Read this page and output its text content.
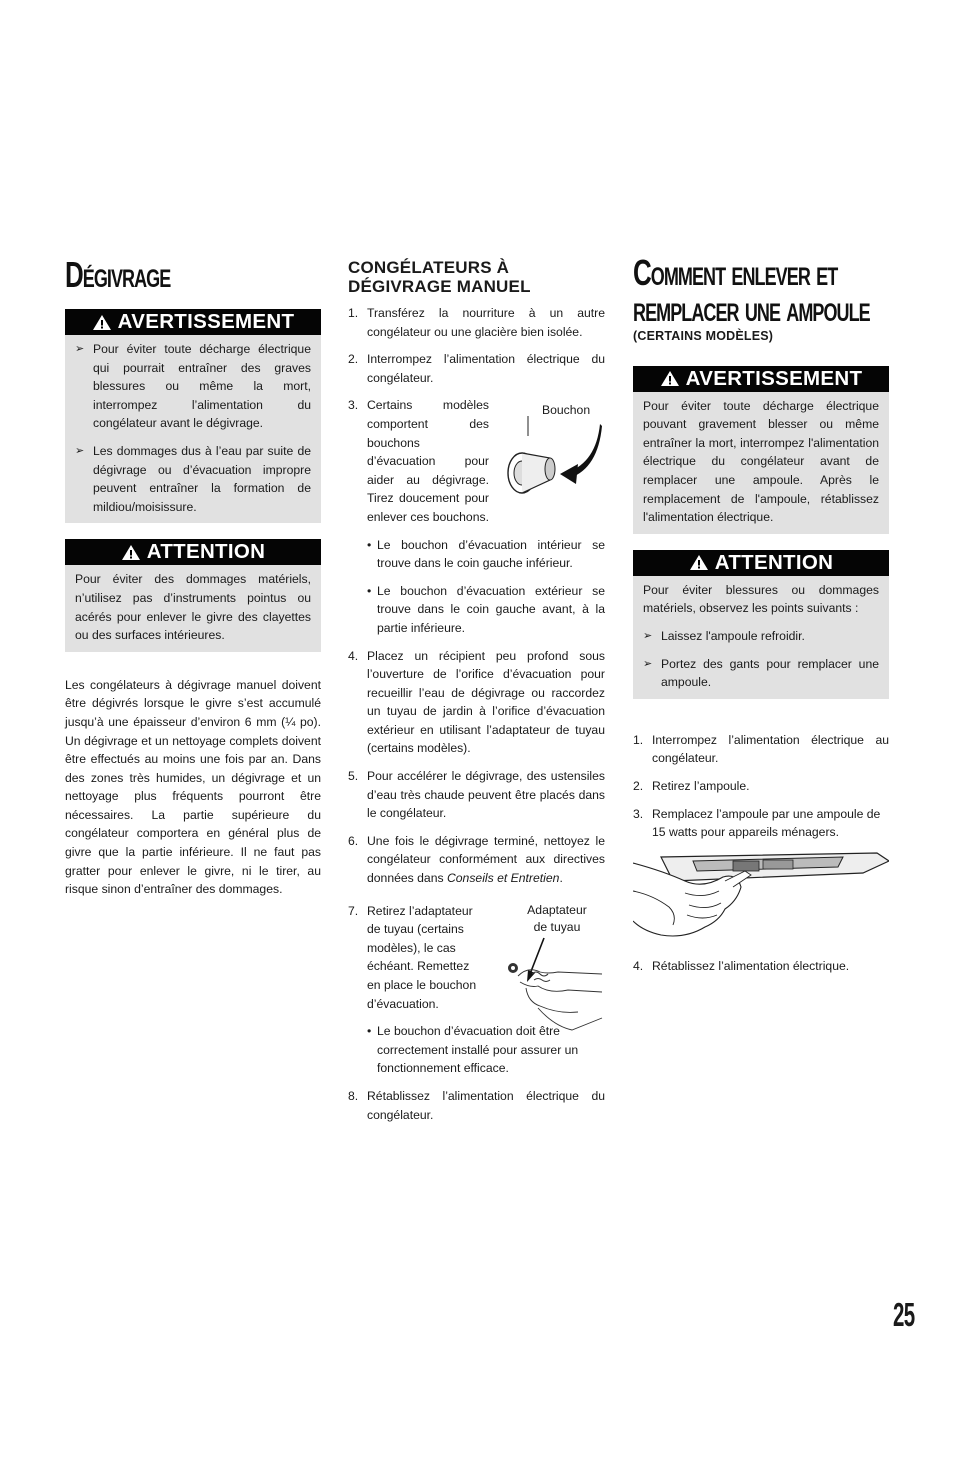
Dégivrage
AVERTISSEMENT
➢ Pour éviter toute décharge électrique qui pourrait entraîner des graves blessures ou même la mort, interrompez l’alimentation du congélateur avant le dégivrage.
➢ Les dommages dus à l’eau par suite de dégivrage ou d’évacuation impropre peuvent entraîner la formation de mildiou/moisissure.
ATTENTION

Pour éviter des dommages matériels, n’utilisez pas d’instruments pointus ou acérés pour enlever le givre des clayettes ou des surfaces intérieures.

Les congélateurs à dégivrage manuel doivent être dégivrés lorsque le givre s’est accumulé jusqu’à une épaisseur d’environ 6 mm (¼ po). Un dégivrage et un nettoyage complets doivent être effectués au moins une fois par an. Dans des zones très humides, un dégivrage et un nettoyage plus fréquents pourront être nécessaires. La partie supérieure du congélateur comportera en général plus de givre que la partie inférieure. Il ne faut pas gratter pour enlever le givre, ni le tirer, au risque sinon d’entraîner des dommages.

CONGÉLATEURS À
DÉGIVRAGE MANUEL
1. Transférez la nourriture à un autre congélateur ou une glacière bien isolée.
2. Interrompez l’alimentation électrique du congélateur.
3. Certains modèles comportent des bouchons d’évacuation pour aider au dégivrage. Tirez doucement pour enlever ces bouchons.
Bouchon
• Le bouchon d’évacuation intérieur se trouve dans le coin gauche inférieur.
• Le bouchon d’évacuation extérieur se trouve dans le coin gauche avant, à la partie inférieure.
4. Placez un récipient peu profond sous l’ouverture de l’orifice d’évacuation pour recueillir l’eau de dégivrage ou raccordez un tuyau de jardin à l’orifice d’évacuation extérieur en utilisant l’adaptateur de tuyau (certains modèles).
5. Pour accélérer le dégivrage, des ustensiles d’eau très chaude peuvent être placés dans le congélateur.
6. Une fois le dégivrage terminé, nettoyez le congélateur conformément aux directives données dans Conseils et Entretien.
7. Retirez l’adaptateur de tuyau (certains modèles), le cas échéant. Remettez en place le bouchon d’évacuation.
Adaptateur
de tuyau
• Le bouchon d’évacuation doit être correctement installé pour assurer un fonctionnement efficace.
8. Rétablissez l’alimentation électrique du congélateur.
Comment enlever et
remplacer une ampoule
(CERTAINS MODÈLES)
AVERTISSEMENT

Pour éviter toute décharge électrique pouvant gravement blesser ou même entraîner la mort, interrompez l'alimentation électrique du congélateur avant de remplacer une ampoule. Après le remplacement de l'ampoule, rétablissez l'alimentation électrique.

ATTENTION

Pour éviter blessures ou dommages matériels, observez les points suivants :

➢ Laissez l'ampoule refroidir.
➢ Portez des gants pour remplacer une ampoule.
1. Interrompez l’alimentation électrique au congélateur.
2. Retirez l’ampoule.
3. Remplacez l’ampoule par une ampoule de 15 watts pour appareils ménagers.
4. Rétablissez l’alimentation électrique.
25
